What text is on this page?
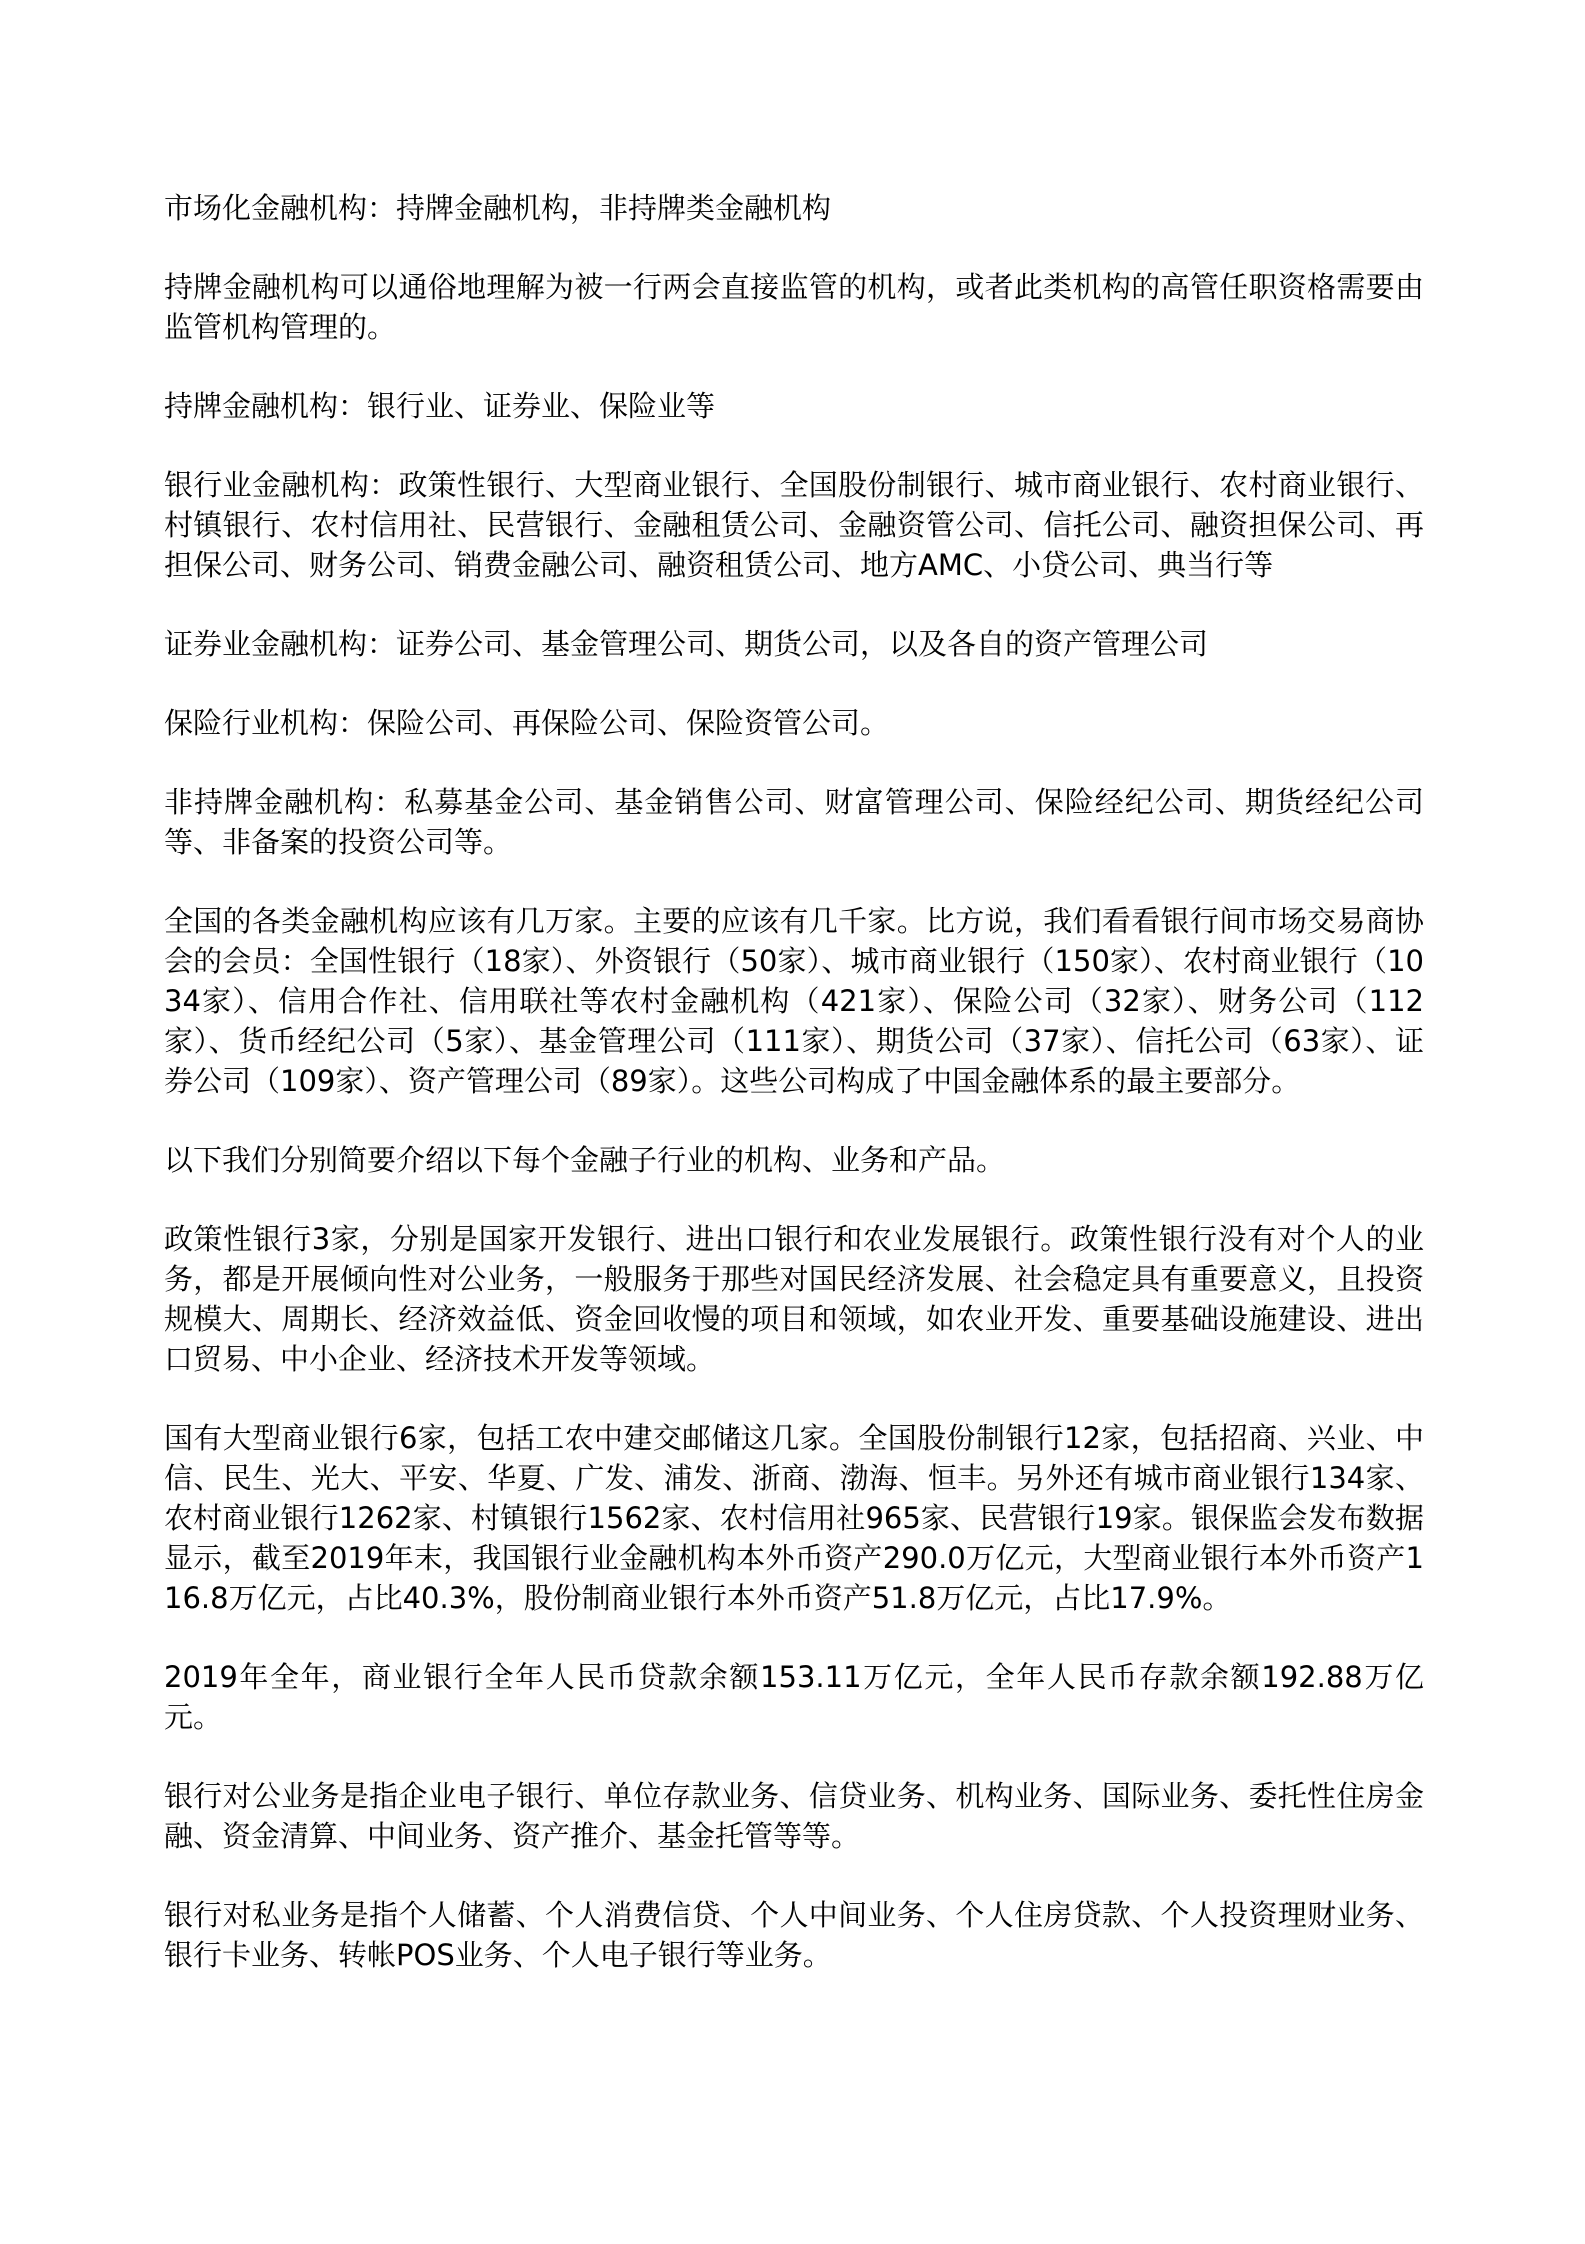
市场化金融机构：持牌金融机构，非持牌类金融机构

持牌金融机构可以通俗地理解为被一行两会直接监管的机构，或者此类机构的高管任职资格需要由监管机构管理的。

持牌金融机构：银行业、证券业、保险业等

银行业金融机构：政策性银行、大型商业银行、全国股份制银行、城市商业银行、农村商业银行、村镇银行、农村信用社、民营银行、金融租赁公司、金融资管公司、信托公司、融资担保公司、再担保公司、财务公司、销费金融公司、融资租赁公司、地方AMC、小贷公司、典当行等

证券业金融机构：证券公司、基金管理公司、期货公司，以及各自的资产管理公司

保险行业机构：保险公司、再保险公司、保险资管公司。

非持牌金融机构：私募基金公司、基金销售公司、财富管理公司、保险经纪公司、期货经纪公司等、非备案的投资公司等。

全国的各类金融机构应该有几万家。主要的应该有几千家。比方说，我们看看银行间市场交易商协会的会员：全国性银行（18家）、外资银行（50家）、城市商业银行（150家）、农村商业银行（1034家）、信用合作社、信用联社等农村金融机构（421家）、保险公司（32家）、财务公司（112家）、货币经纪公司（5家）、基金管理公司（111家）、期货公司（37家）、信托公司（63家）、证券公司（109家）、资产管理公司（89家）。这些公司构成了中国金融体系的最主要部分。

以下我们分别简要介绍以下每个金融子行业的机构、业务和产品。

政策性银行3家，分别是国家开发银行、进出口银行和农业发展银行。政策性银行没有对个人的业务，都是开展倾向性对公业务，一般服务于那些对国民经济发展、社会稳定具有重要意义，且投资规模大、周期长、经济效益低、资金回收慢的项目和领域，如农业开发、重要基础设施建设、进出口贸易、中小企业、经济技术开发等领域。

国有大型商业银行6家，包括工农中建交邮储这几家。全国股份制银行12家，包括招商、兴业、中信、民生、光大、平安、华夏、广发、浦发、浙商、渤海、恒丰。另外还有城市商业银行134家、农村商业银行1262家、村镇银行1562家、农村信用社965家、民营银行19家。银保监会发布数据显示，截至2019年末，我国银行业金融机构本外币资产290.0万亿元，大型商业银行本外币资产116.8万亿元，占比40.3%，股份制商业银行本外币资产51.8万亿元，占比17.9%。

2019年全年，商业银行全年人民币贷款余额153.11万亿元，全年人民币存款余额192.88万亿元。

银行对公业务是指企业电子银行、单位存款业务、信贷业务、机构业务、国际业务、委托性住房金融、资金清算、中间业务、资产推介、基金托管等等。

银行对私业务是指个人储蓄、个人消费信贷、个人中间业务、个人住房贷款、个人投资理财业务、银行卡业务、转帐POS业务、个人电子银行等业务。
